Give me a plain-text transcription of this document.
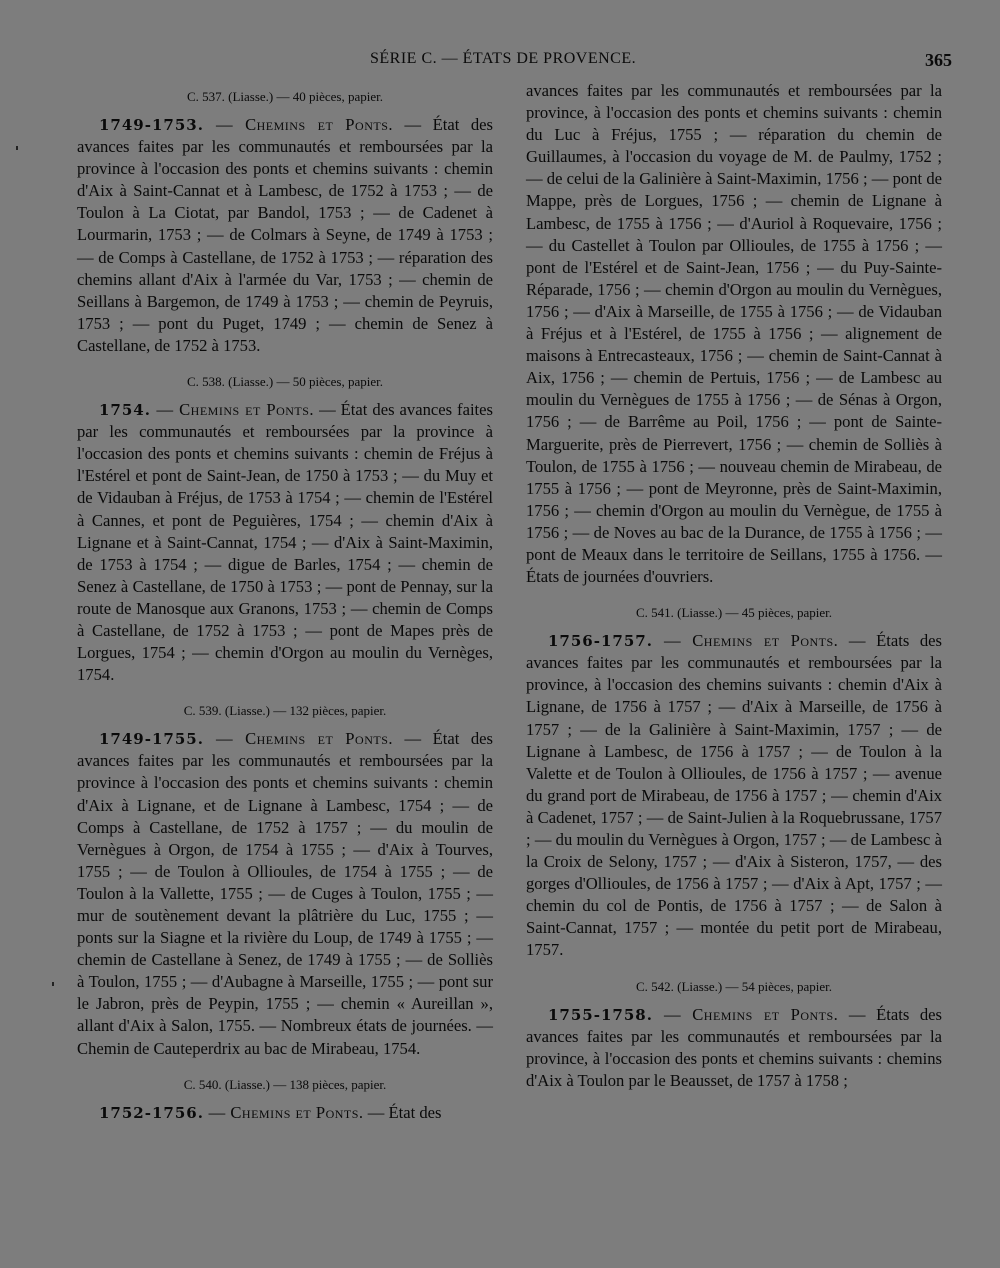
SÉRIE C. — ÉTATS DE PROVENCE.	365
C. 537. (Liasse.) — 40 pièces, papier.

1749-1753. — Chemins et Ponts. — État des avances faites par les communautés et remboursées par la province à l'occasion des ponts et chemins suivants : chemin d'Aix à Saint-Cannat et à Lambesc, de 1752 à 1753 ; — de Toulon à La Ciotat, par Bandol, 1753 ; — de Cadenet à Lourmarin, 1753 ; — de Colmars à Seyne, de 1749 à 1753 ; — de Comps à Castellane, de 1752 à 1753 ; — réparation des chemins allant d'Aix à l'armée du Var, 1753 ; — chemin de Seillans à Bargemon, de 1749 à 1753 ; — chemin de Peyruis, 1753 ; — pont du Puget, 1749 ; — chemin de Senez à Castellane, de 1752 à 1753.

C. 538. (Liasse.) — 50 pièces, papier.

1754. — Chemins et Ponts. — État des avances faites par les communautés et remboursées par la province à l'occasion des ponts et chemins suivants : chemin de Fréjus à l'Estérel et pont de Saint-Jean, de 1750 à 1753 ; — du Muy et de Vidauban à Fréjus, de 1753 à 1754 ; — chemin de l'Estérel à Cannes, et pont de Peguières, 1754 ; — chemin d'Aix à Lignane et à Saint-Cannat, 1754 ; — d'Aix à Saint-Maximin, de 1753 à 1754 ; — digue de Barles, 1754 ; — chemin de Senez à Castellane, de 1750 à 1753 ; — pont de Pennay, sur la route de Manosque aux Granons, 1753 ; — chemin de Comps à Castellane, de 1752 à 1753 ; — pont de Mapes près de Lorgues, 1754 ; — chemin d'Orgon au moulin du Vernèges, 1754.

C. 539. (Liasse.) — 132 pièces, papier.

1749-1755. — Chemins et Ponts. — État des avances faites par les communautés et remboursées par la province à l'occasion des ponts et chemins suivants : chemin d'Aix à Lignane, et de Lignane à Lambesc, 1754 ; — de Comps à Castellane, de 1752 à 1757 ; — du moulin de Vernègues à Orgon, de 1754 à 1755 ; — d'Aix à Tourves, 1755 ; — de Toulon à Ollioules, de 1754 à 1755 ; — de Toulon à la Vallette, 1755 ; — de Cuges à Toulon, 1755 ; — mur de soutènement devant la plâtrière du Luc, 1755 ; — ponts sur la Siagne et la rivière du Loup, de 1749 à 1755 ; — chemin de Castellane à Senez, de 1749 à 1755 ; — de Solliès à Toulon, 1755 ; — d'Aubagne à Marseille, 1755 ; — pont sur le Jabron, près de Peypin, 1755 ; — chemin « Aureillan », allant d'Aix à Salon, 1755. — Nombreux états de journées. — Chemin de Cauteperdrix au bac de Mirabeau, 1754.

C. 540. (Liasse.) — 138 pièces, papier.

1752-1756. — Chemins et Ponts. — État des

avances faites par les communautés et remboursées par la province, à l'occasion des ponts et chemins suivants : chemin du Luc à Fréjus, 1755 ; — réparation du chemin de Guillaumes, à l'occasion du voyage de M. de Paulmy, 1752 ; — de celui de la Galinière à Saint-Maximin, 1756 ; — pont de Mappe, près de Lorgues, 1756 ; — chemin de Lignane à Lambesc, de 1755 à 1756 ; — d'Auriol à Roquevaire, 1756 ; — du Castellet à Toulon par Ollioules, de 1755 à 1756 ; — pont de l'Estérel et de Saint-Jean, 1756 ; — du Puy-Sainte-Réparade, 1756 ; — chemin d'Orgon au moulin du Vernègues, 1756 ; — d'Aix à Marseille, de 1755 à 1756 ; — de Vidauban à Fréjus et à l'Estérel, de 1755 à 1756 ; — alignement de maisons à Entrecasteaux, 1756 ; — chemin de Saint-Cannat à Aix, 1756 ; — chemin de Pertuis, 1756 ; — de Lambesc au moulin du Vernègues de 1755 à 1756 ; — de Sénas à Orgon, 1756 ; — de Barrême au Poil, 1756 ; — pont de Sainte-Marguerite, près de Pierrevert, 1756 ; — chemin de Solliès à Toulon, de 1755 à 1756 ; — nouveau chemin de Mirabeau, de 1755 à 1756 ; — pont de Meyronne, près de Saint-Maximin, 1756 ; — chemin d'Orgon au moulin du Vernègue, de 1755 à 1756 ; — de Noves au bac de la Durance, de 1755 à 1756 ; — pont de Meaux dans le territoire de Seillans, 1755 à 1756. — États de journées d'ouvriers.

C. 541. (Liasse.) — 45 pièces, papier.

1756-1757. — Chemins et Ponts. — États des avances faites par les communautés et remboursées par la province, à l'occasion des chemins suivants : chemin d'Aix à Lignane, de 1756 à 1757 ; — d'Aix à Marseille, de 1756 à 1757 ; — de la Galinière à Saint-Maximin, 1757 ; — de Lignane à Lambesc, de 1756 à 1757 ; — de Toulon à la Valette et de Toulon à Ollioules, de 1756 à 1757 ; — avenue du grand port de Mirabeau, de 1756 à 1757 ; — chemin d'Aix à Cadenet, 1757 ; — de Saint-Julien à la Roquebrussane, 1757 ; — du moulin du Vernègues à Orgon, 1757 ; — de Lambesc à la Croix de Selony, 1757 ; — d'Aix à Sisteron, 1757, — des gorges d'Ollioules, de 1756 à 1757 ; — d'Aix à Apt, 1757 ; — chemin du col de Pontis, de 1756 à 1757 ; — de Salon à Saint-Cannat, 1757 ; — montée du petit port de Mirabeau, 1757.

C. 542. (Liasse.) — 54 pièces, papier.

1755-1758. — Chemins et Ponts. — États des avances faites par les communautés et remboursées par la province, à l'occasion des ponts et chemins suivants : chemins d'Aix à Toulon par le Beausset, de 1757 à 1758 ;
